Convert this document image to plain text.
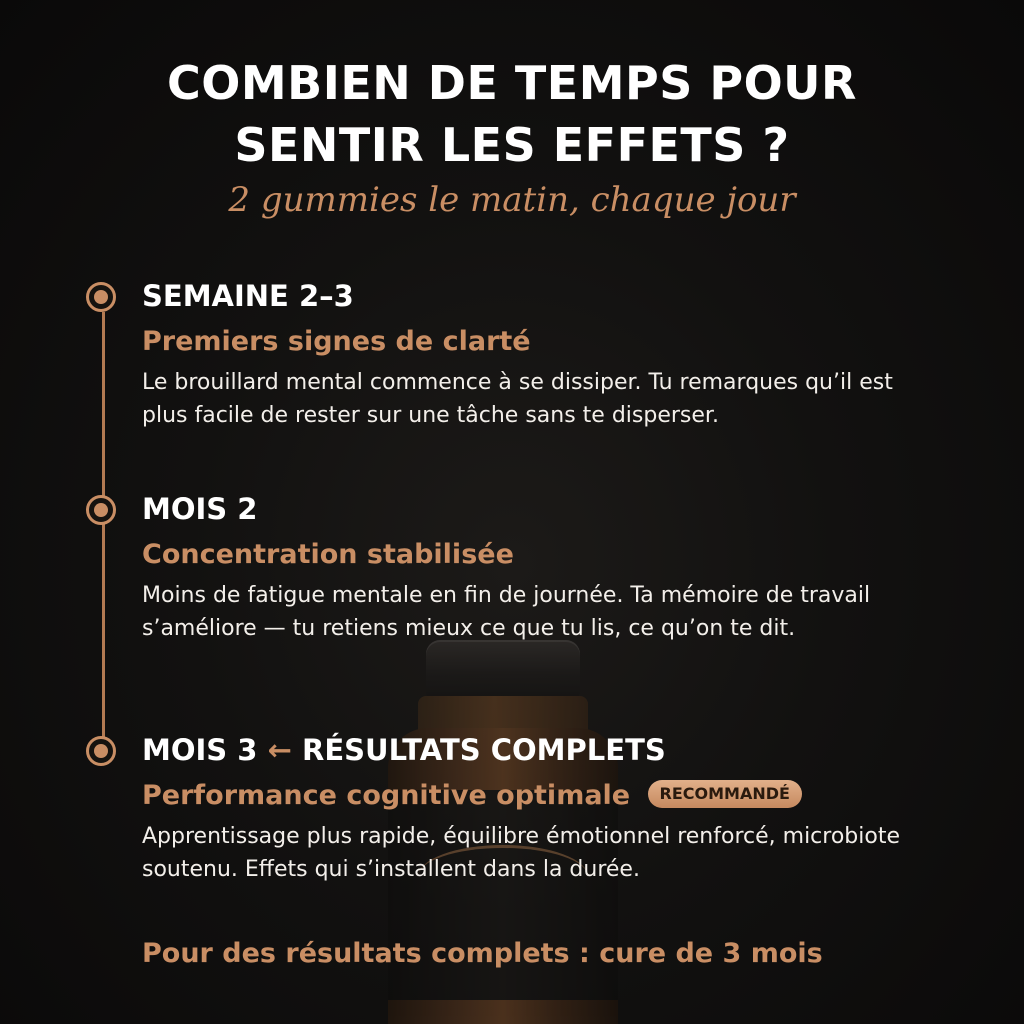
COMBIEN DE TEMPS POUR
SENTIR LES EFFETS ?
2 gummies le matin, chaque jour
SEMAINE 2–3
Premiers signes de clarté
Le brouillard mental commence à se dissiper. Tu remarques qu’il est plus facile de rester sur une tâche sans te disperser.
MOIS 2
Concentration stabilisée
Moins de fatigue mentale en fin de journée. Ta mémoire de travail s’améliore — tu retiens mieux ce que tu lis, ce qu’on te dit.
MOIS 3 ← RÉSULTATS COMPLETS
Performance cognitive optimale RECOMMANDÉ
Apprentissage plus rapide, équilibre émotionnel renforcé, microbiote soutenu. Effets qui s’installent dans la durée.
Pour des résultats complets : cure de 3 mois
